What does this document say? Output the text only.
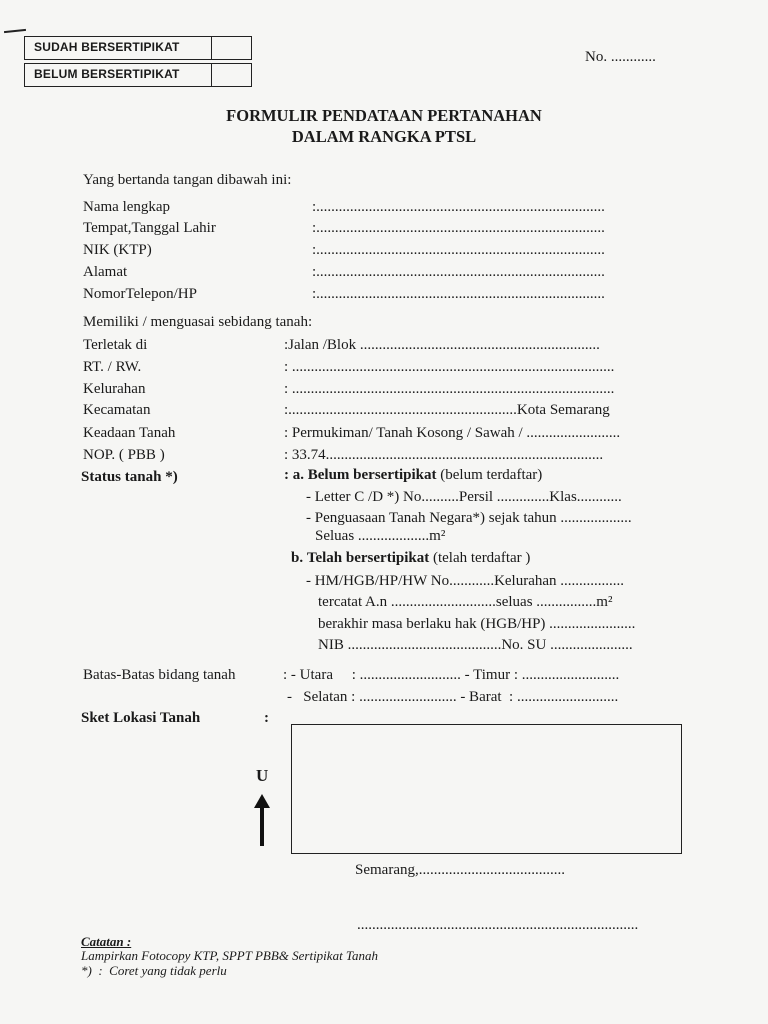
SUDAH BERSERTIPIKAT
BELUM BERSERTIPIKAT
No. ............
FORMULIR PENDATAAN PERTANAHAN
DALAM RANGKA PTSL
Yang bertanda tangan dibawah ini:
Nama lengkap	:.............................................................................
Tempat,Tanggal Lahir	:.............................................................................
NIK (KTP)	:.............................................................................
Alamat	:.............................................................................
NomorTelepon/HP	:.............................................................................
Memiliki / menguasai sebidang tanah:
Terletak di	:Jalan /Blok ................................................................
RT. / RW.	: ......................................................................................
Kelurahan	: ......................................................................................
Kecamatan	:.............................................................Kota Semarang
Keadaan Tanah	: Permukiman/ Tanah Kosong / Sawah / .........................
NOP. ( PBB )	: 33.74..........................................................................
Status tanah *)	: a. Belum bersertipikat (belum terdaftar)
- Letter C /D *) No..........Persil ..............Klas............
- Penguasaan Tanah Negara*) sejak tahun ...................
Seluas ...................m²
b. Telah bersertipikat (telah terdaftar )
- HM/HGB/HP/HW No............Kelurahan .................
tercatat A.n ............................seluas ................m²
berakhir masa berlaku hak (HGB/HP) .......................
NIB .........................................No. SU ......................
Batas-Batas bidang tanah	: - Utara     : ........................... - Timur : ..........................
-   Selatan : .......................... - Barat  : ...........................
Sket Lokasi Tanah	:
U
Semarang,.......................................
...........................................................................
Catatan :
Lampirkan Fotocopy KTP, SPPT PBB& Sertipikat Tanah
*)  :  Coret yang tidak perlu
